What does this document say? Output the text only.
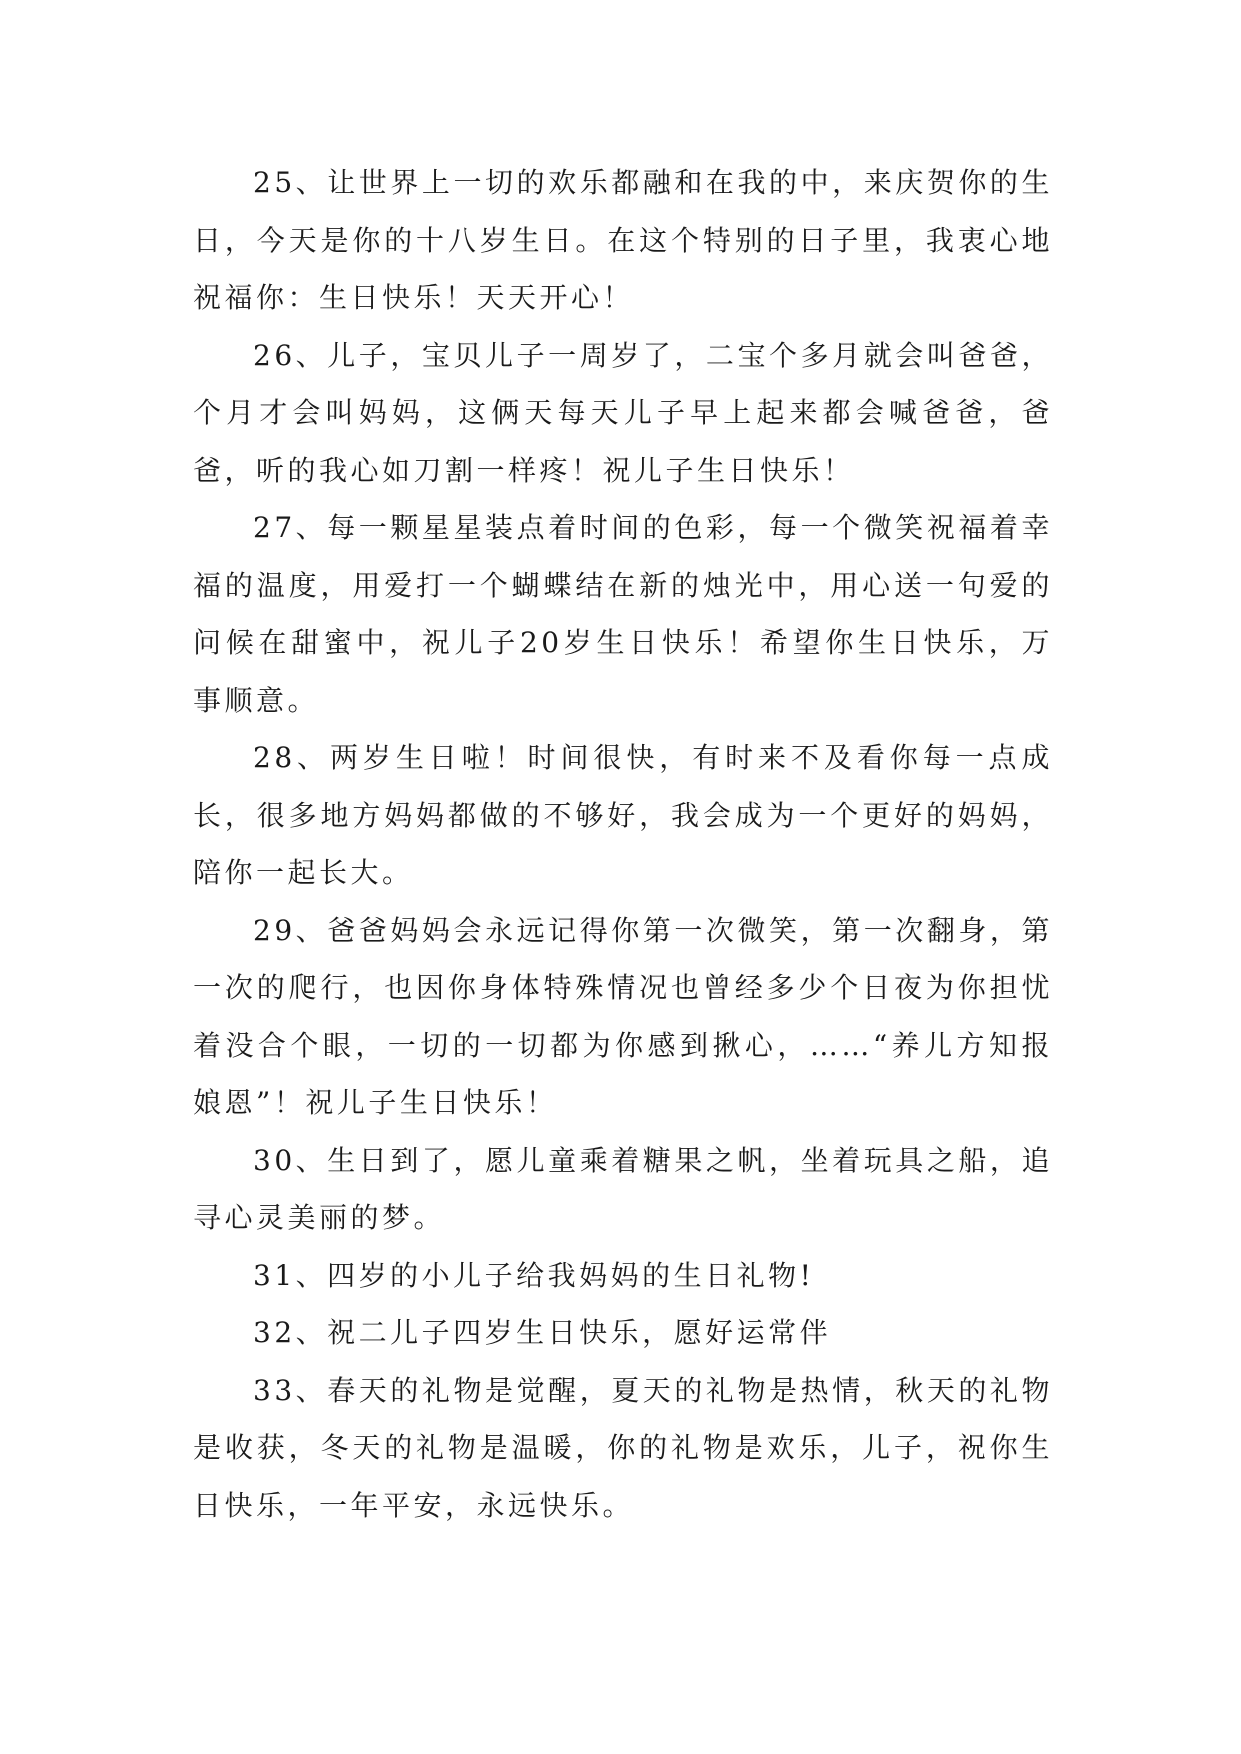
25、让世界上一切的欢乐都融和在我的中，来庆贺你的生日，今天是你的十八岁生日。在这个特别的日子里，我衷心地祝福你：生日快乐！天天开心！

26、儿子，宝贝儿子一周岁了，二宝个多月就会叫爸爸，个月才会叫妈妈，这俩天每天儿子早上起来都会喊爸爸，爸爸，听的我心如刀割一样疼！祝儿子生日快乐！

27、每一颗星星装点着时间的色彩，每一个微笑祝福着幸福的温度，用爱打一个蝴蝶结在新的烛光中，用心送一句爱的问候在甜蜜中，祝儿子20岁生日快乐！希望你生日快乐，万事顺意。

28、两岁生日啦！时间很快，有时来不及看你每一点成长，很多地方妈妈都做的不够好，我会成为一个更好的妈妈，陪你一起长大。

29、爸爸妈妈会永远记得你第一次微笑，第一次翻身，第一次的爬行，也因你身体特殊情况也曾经多少个日夜为你担忧着没合个眼，一切的一切都为你感到揪心，……“养儿方知报娘恩”！祝儿子生日快乐！

30、生日到了，愿儿童乘着糖果之帆，坐着玩具之船，追寻心灵美丽的梦。

31、四岁的小儿子给我妈妈的生日礼物!

32、祝二儿子四岁生日快乐，愿好运常伴

33、春天的礼物是觉醒，夏天的礼物是热情，秋天的礼物是收获，冬天的礼物是温暖，你的礼物是欢乐，儿子，祝你生日快乐，一年平安，永远快乐。
